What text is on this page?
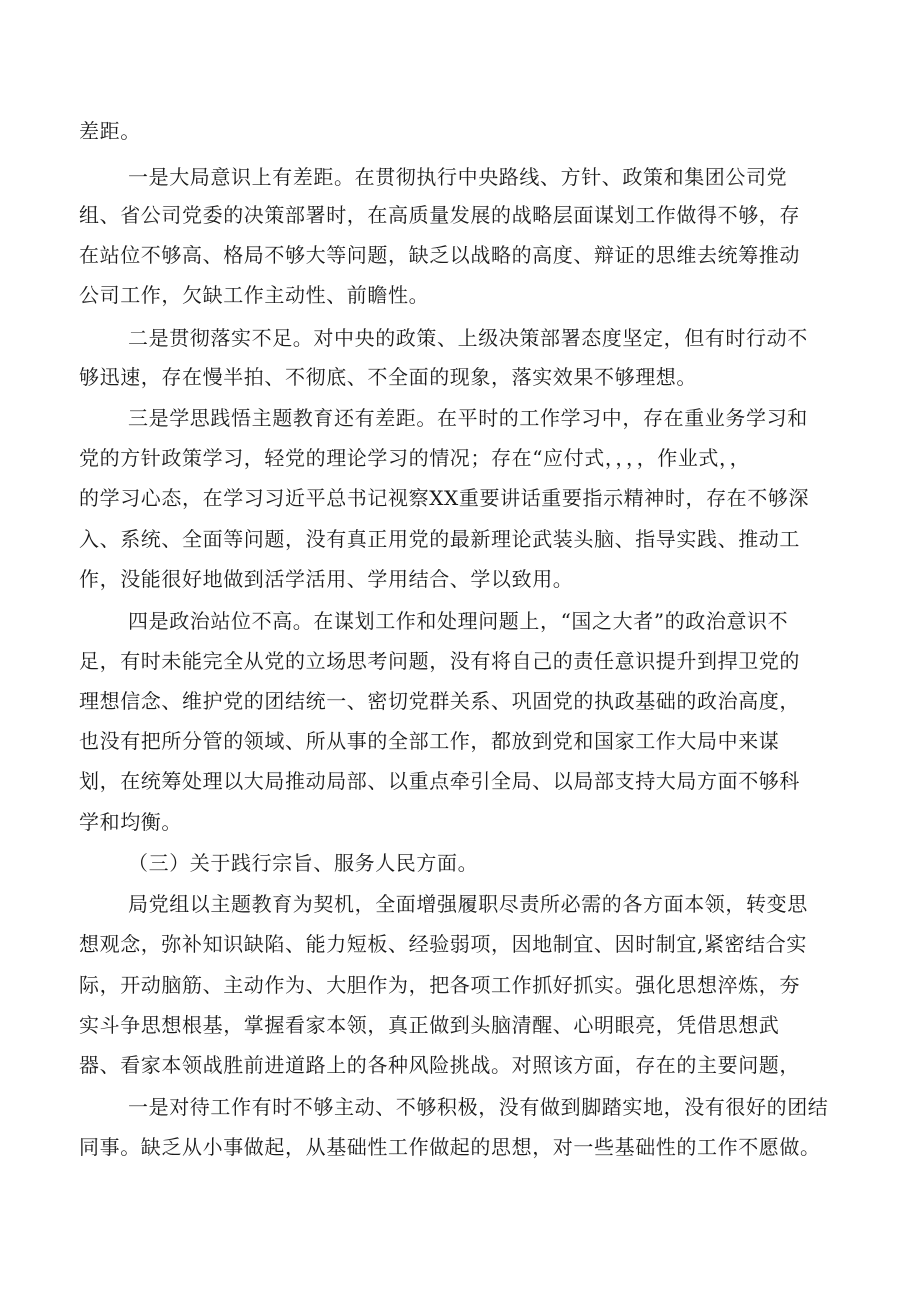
差距。
一是大局意识上有差距。在贯彻执行中央路线、方针、政策和集团公司党
组、省公司党委的决策部署时，在高质量发展的战略层面谋划工作做得不够，存
在站位不够高、格局不够大等问题，缺乏以战略的高度、辩证的思维去统筹推动
公司工作，欠缺工作主动性、前瞻性。
二是贯彻落实不足。对中央的政策、上级决策部署态度坚定，但有时行动不
够迅速，存在慢半拍、不彻底、不全面的现象，落实效果不够理想。
三是学思践悟主题教育还有差距。在平时的工作学习中，存在重业务学习和
党的方针政策学习，轻党的理论学习的情况；存在“应付式，，，，作业式，，
的学习心态，在学习习近平总书记视察XX重要讲话重要指示精神时，存在不够深
入、系统、全面等问题，没有真正用党的最新理论武装头脑、指导实践、推动工
作，没能很好地做到活学活用、学用结合、学以致用。
四是政治站位不高。在谋划工作和处理问题上，“国之大者”的政治意识不
足，有时未能完全从党的立场思考问题，没有将自己的责任意识提升到捍卫党的
理想信念、维护党的团结统一、密切党群关系、巩固党的执政基础的政治高度，
也没有把所分管的领域、所从事的全部工作，都放到党和国家工作大局中来谋
划，在统筹处理以大局推动局部、以重点牵引全局、以局部支持大局方面不够科
学和均衡。
（三）关于践行宗旨、服务人民方面。
局党组以主题教育为契机，全面增强履职尽责所必需的各方面本领，转变思
想观念，弥补知识缺陷、能力短板、经验弱项，因地制宜、因时制宜,紧密结合实
际，开动脑筋、主动作为、大胆作为，把各项工作抓好抓实。强化思想淬炼，夯
实斗争思想根基，掌握看家本领，真正做到头脑清醒、心明眼亮，凭借思想武
器、看家本领战胜前进道路上的各种风险挑战。对照该方面，存在的主要问题，
一是对待工作有时不够主动、不够积极，没有做到脚踏实地，没有很好的团结
同事。缺乏从小事做起，从基础性工作做起的思想，对一些基础性的工作不愿做。
